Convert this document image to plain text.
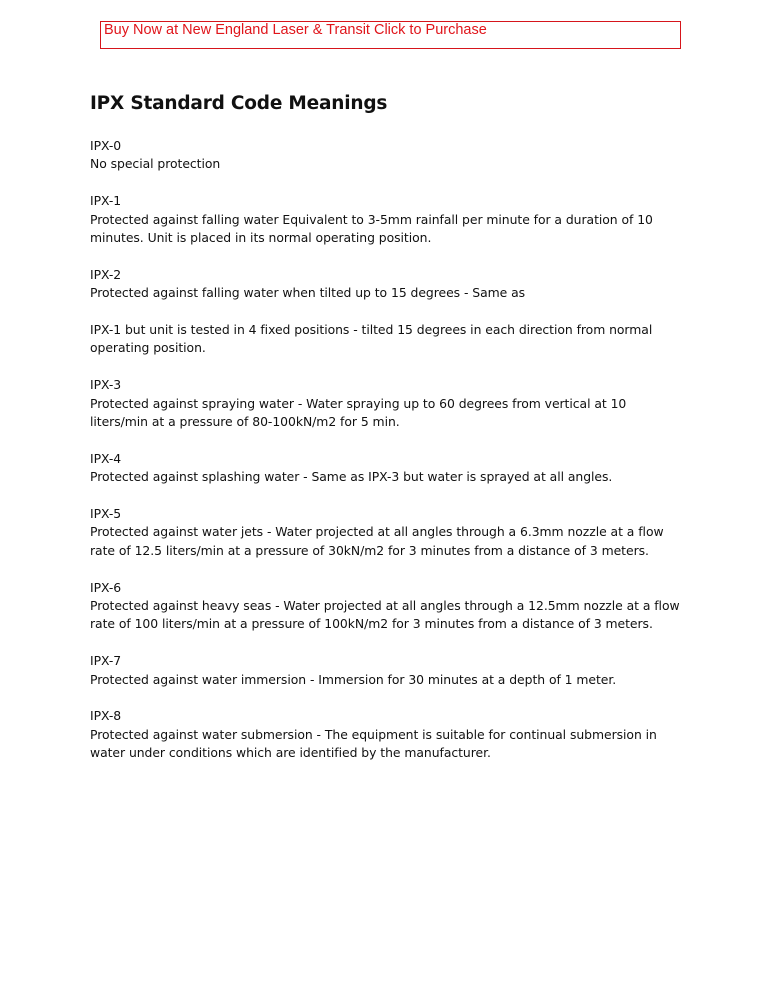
Buy Now at New England Laser & Transit Click to Purchase
IPX Standard Code Meanings
IPX-0
No special protection
IPX-1
Protected against falling water Equivalent to 3-5mm rainfall per minute for a duration of 10
minutes. Unit is placed in its normal operating position.
IPX-2
Protected against falling water when tilted up to 15 degrees - Same as
IPX-1 but unit is tested in 4 fixed positions - tilted 15 degrees in each direction from normal
operating position.
IPX-3
Protected against spraying water - Water spraying up to 60 degrees from vertical at 10
liters/min at a pressure of 80-100kN/m2 for 5 min.
IPX-4
Protected against splashing water - Same as IPX-3 but water is sprayed at all angles.
IPX-5
Protected against water jets - Water projected at all angles through a 6.3mm nozzle at a flow
rate of 12.5 liters/min at a pressure of 30kN/m2 for 3 minutes from a distance of 3 meters.
IPX-6
Protected against heavy seas - Water projected at all angles through a 12.5mm nozzle at a flow
rate of 100 liters/min at a pressure of 100kN/m2 for 3 minutes from a distance of 3 meters.
IPX-7
Protected against water immersion - Immersion for 30 minutes at a depth of 1 meter.
IPX-8
Protected against water submersion - The equipment is suitable for continual submersion in
water under conditions which are identified by the manufacturer.
